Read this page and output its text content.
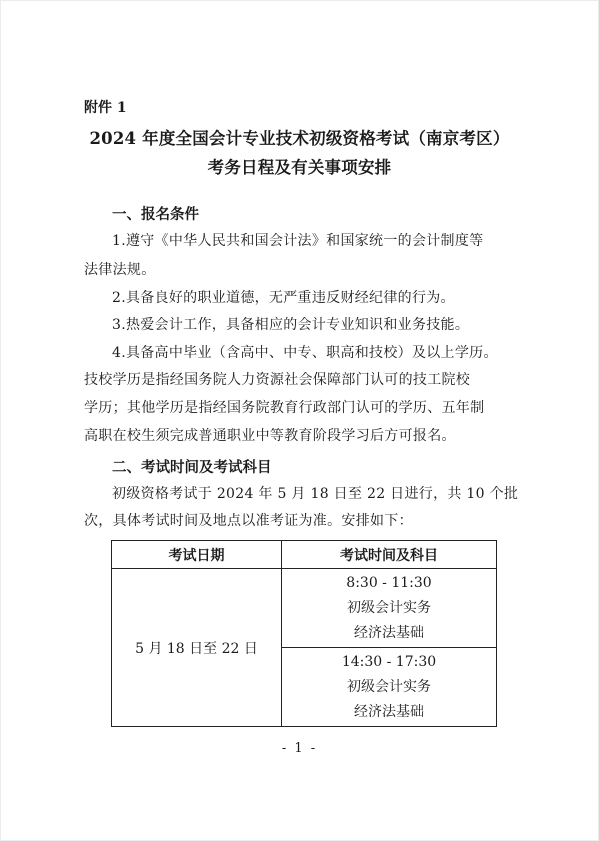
附件 1
2024 年度全国会计专业技术初级资格考试（南京考区）
考务日程及有关事项安排
一、报名条件
1.遵守《中华人民共和国会计法》和国家统一的会计制度等
法律法规。
2.具备良好的职业道德，无严重违反财经纪律的行为。
3.热爱会计工作，具备相应的会计专业知识和业务技能。
4.具备高中毕业（含高中、中专、职高和技校）及以上学历。
技校学历是指经国务院人力资源社会保障部门认可的技工院校
学历；其他学历是指经国务院教育行政部门认可的学历、五年制
高职在校生须完成普通职业中等教育阶段学习后方可报名。
二、考试时间及考试科目
初级资格考试于 2024 年 5 月 18 日至 22 日进行，共 10 个批
次，具体考试时间及地点以准考证为准。安排如下：
考试日期	考试时间及科目
5 月 18 日至 22 日	8:30 - 11:30
初级会计实务
经济法基础

	14:30 - 17:30
初级会计实务
经济法基础
- 1 -
